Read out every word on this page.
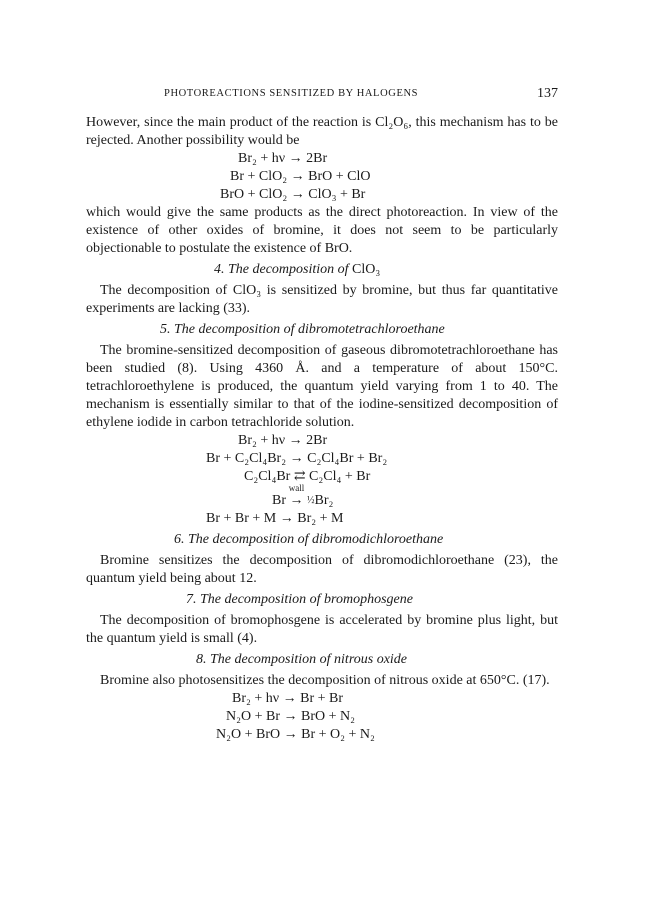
PHOTOREACTIONS SENSITIZED BY HALOGENS	137

However, since the main product of the reaction is Cl₂O₆, this mechanism has to be rejected. Another possibility would be

Br₂ + hν → 2Br

Br + ClO₂ → BrO + ClO

BrO + ClO₂ → ClO₃ + Br

which would give the same products as the direct photoreaction. In view of the existence of other oxides of bromine, it does not seem to be particularly objectionable to postulate the existence of BrO.

4. The decomposition of ClO₃

The decomposition of ClO₃ is sensitized by bromine, but thus far quantitative experiments are lacking (33).

5. The decomposition of dibromotetrachloroethane

The bromine-sensitized decomposition of gaseous dibromotetrachloroethane has been studied (8). Using 4360 Å. and a temperature of about 150°C. tetrachloroethylene is produced, the quantum yield varying from 1 to 40. The mechanism is essentially similar to that of the iodine-sensitized decomposition of ethylene iodide in carbon tetrachloride solution.

Br₂ + hν → 2Br

Br + C₂Cl₄Br₂ → C₂Cl₄Br + Br₂

C₂Cl₄Br ⇄ C₂Cl₄ + Br

Br
wall
→ ½Br₂

Br + Br + M → Br₂ + M

6. The decomposition of dibromodichloroethane

Bromine sensitizes the decomposition of dibromodichloroethane (23), the quantum yield being about 12.

7. The decomposition of bromophosgene

The decomposition of bromophosgene is accelerated by bromine plus light, but the quantum yield is small (4).

8. The decomposition of nitrous oxide

Bromine also photosensitizes the decomposition of nitrous oxide at 650°C. (17).

Br₂ + hν → Br + Br

N₂O + Br → BrO + N₂

N₂O + BrO → Br + O₂ + N₂
